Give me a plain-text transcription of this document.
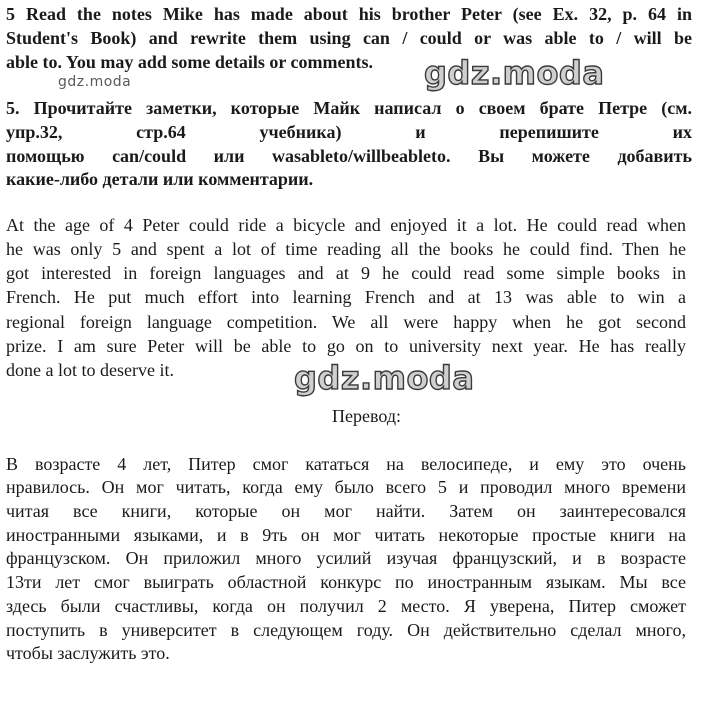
5 Read the notes Mike has made about his brother Peter (see Ex. 32, p. 64 in

Student's Book) and rewrite them using can / could or was able to / will be

able to. You may add some details or comments.

gdz.moda	gdz.moda

5. Прочитайте заметки, которые Майк написал о своем брате Петре (см.

упр.32, стр.64 учебника) и перепишите их

помощью can/could или wasableto/willbeableto. Вы можете добавить

какие-либо детали или комментарии.

At the age of 4 Peter could ride a bicycle and enjoyed it a lot. He could read when

he was only 5 and spent a lot of time reading all the books he could find. Then he

got interested in foreign languages and at 9 he could read some simple books in

French. He put much effort into learning French and at 13 was able to win a

regional foreign language competition. We all were happy when he got second

prize. I am sure Peter will be able to go on to university next year. He has really

done a lot to deserve it.	gdz.moda

Перевод:

В возрасте 4 лет, Питер смог кататься на велосипеде, и ему это очень

нравилось. Он мог читать, когда ему было всего 5 и проводил много времени

читая все книги, которые он мог найти. Затем он заинтересовался

иностранными языками, и в 9ть он мог читать некоторые простые книги на

французском. Он приложил много усилий изучая французский, и в возрасте

13ти лет смог выиграть областной конкурс по иностранным языкам. Мы все

здесь были счастливы, когда он получил 2 место. Я уверена, Питер сможет

поступить в университет в следующем году. Он действительно сделал много,

чтобы заслужить это.
